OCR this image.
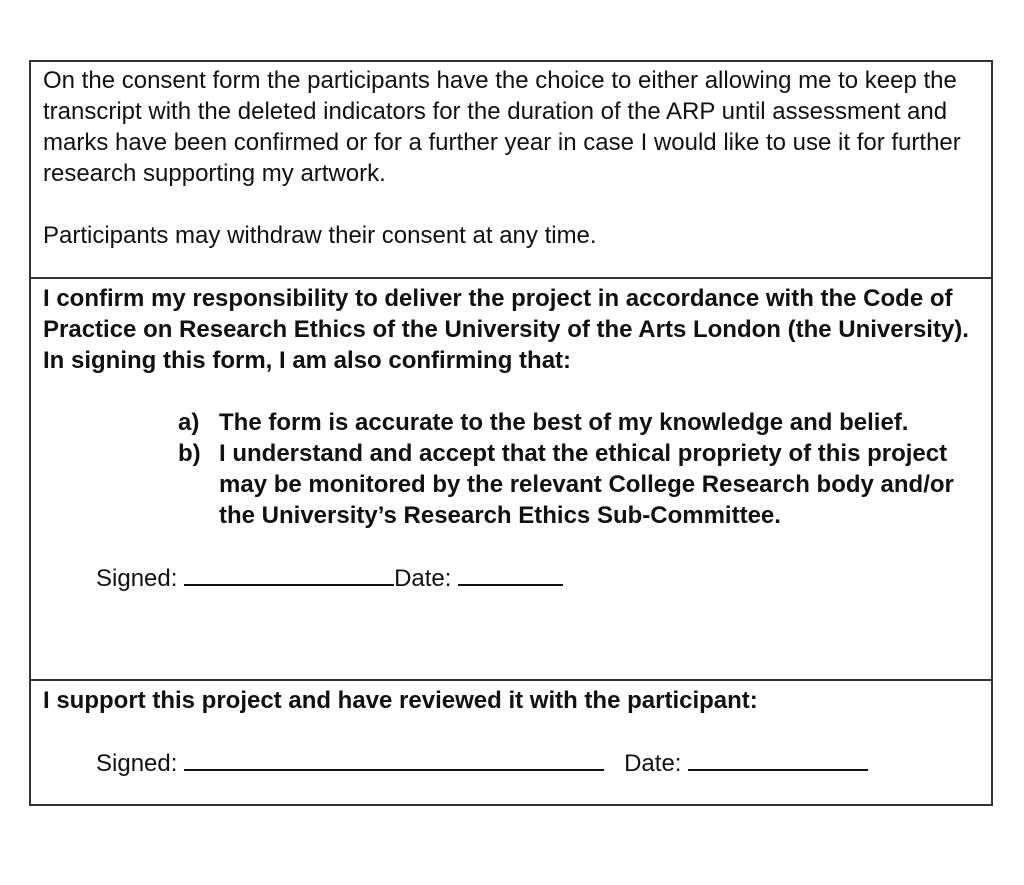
On the consent form the participants have the choice to either allowing me to keep the transcript with the deleted indicators for the duration of the ARP until assessment and marks have been confirmed or for a further year in case I would like to use it for further research supporting my artwork.

Participants may withdraw their consent at any time.

I confirm my responsibility to deliver the project in accordance with the Code of Practice on Research Ethics of the University of the Arts London (the University). In signing this form, I am also confirming that:

a) The form is accurate to the best of my knowledge and belief.
b) I understand and accept that the ethical propriety of this project may be monitored by the relevant College Research body and/or the University’s Research Ethics Sub-Committee.

Signed:	Date:

I support this project and have reviewed it with the participant:

Signed:	Date:
